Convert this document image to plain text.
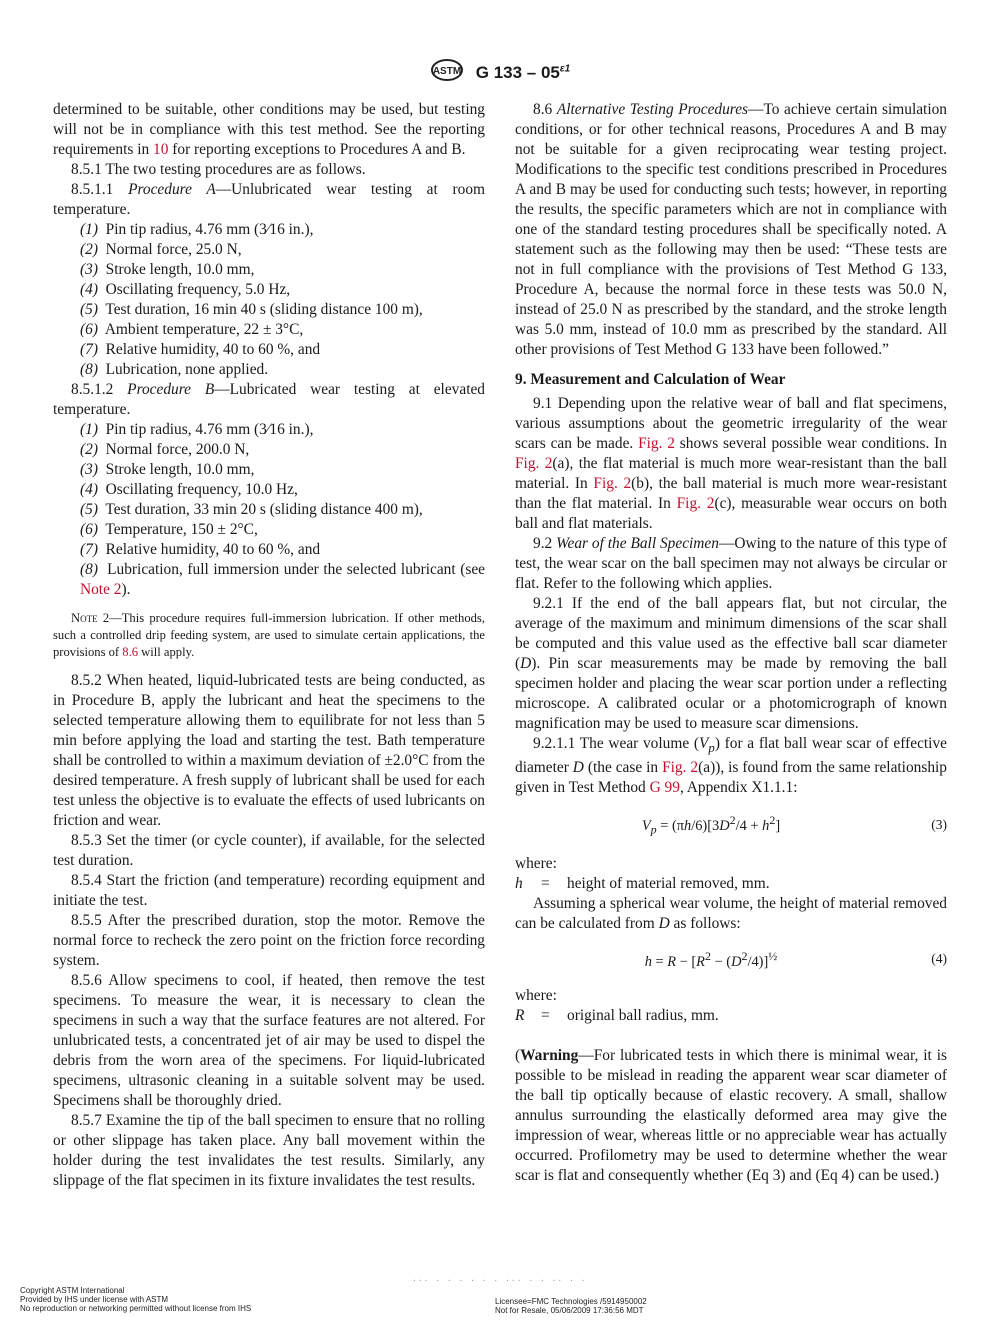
ASTM G $133 - 05^{\varepsilon 1}$

determined to be suitable, other conditions may be used, but testing will not be in compliance with this test method. See the reporting requirements in 10 for reporting exceptions to Procedures A and B.

8.5.1 The two testing procedures are as follows.

8.5.1.1 Procedure A—Unlubricated wear testing at room temperature.

(1) Pin tip radius, 4.76 mm (3⁄16 in.),

(2) Normal force, 25.0 N,

(3) Stroke length, 10.0 mm,

(4) Oscillating frequency, 5.0 Hz,

(5) Test duration, 16 min 40 s (sliding distance 100 m),

(6) Ambient temperature, 22 ± 3°C,

(7) Relative humidity, 40 to 60 %, and

(8) Lubrication, none applied.

8.5.1.2 Procedure B—Lubricated wear testing at elevated temperature.

(1) Pin tip radius, 4.76 mm (3⁄16 in.),

(2) Normal force, 200.0 N,

(3) Stroke length, 10.0 mm,

(4) Oscillating frequency, 10.0 Hz,

(5) Test duration, 33 min 20 s (sliding distance 400 m),

(6) Temperature, 150 ± 2°C,

(7) Relative humidity, 40 to 60 %, and

(8) Lubrication, full immersion under the selected lubricant (see Note 2).

Note 2—This procedure requires full-immersion lubrication. If other methods, such a controlled drip feeding system, are used to simulate certain applications, the provisions of 8.6 will apply.

8.5.2 When heated, liquid-lubricated tests are being conducted, as in Procedure B, apply the lubricant and heat the specimens to the selected temperature allowing them to equilibrate for not less than 5 min before applying the load and starting the test. Bath temperature shall be controlled to within a maximum deviation of ±2.0°C from the desired temperature. A fresh supply of lubricant shall be used for each test unless the objective is to evaluate the effects of used lubricants on friction and wear.

8.5.3 Set the timer (or cycle counter), if available, for the selected test duration.

8.5.4 Start the friction (and temperature) recording equipment and initiate the test.

8.5.5 After the prescribed duration, stop the motor. Remove the normal force to recheck the zero point on the friction force recording system.

8.5.6 Allow specimens to cool, if heated, then remove the test specimens. To measure the wear, it is necessary to clean the specimens in such a way that the surface features are not altered. For unlubricated tests, a concentrated jet of air may be used to dispel the debris from the worn area of the specimens. For liquid-lubricated specimens, ultrasonic cleaning in a suitable solvent may be used. Specimens shall be thoroughly dried.

8.5.7 Examine the tip of the ball specimen to ensure that no rolling or other slippage has taken place. Any ball movement within the holder during the test invalidates the test results. Similarly, any slippage of the flat specimen in its fixture invalidates the test results.

8.6 Alternative Testing Procedures—To achieve certain simulation conditions, or for other technical reasons, Procedures A and B may not be suitable for a given reciprocating wear testing project. Modifications to the specific test conditions prescribed in Procedures A and B may be used for conducting such tests; however, in reporting the results, the specific parameters which are not in compliance with one of the standard testing procedures shall be specifically noted. A statement such as the following may then be used: “These tests are not in full compliance with the provisions of Test Method G 133, Procedure A, because the normal force in these tests was 50.0 N, instead of 25.0 N as prescribed by the standard, and the stroke length was 5.0 mm, instead of 10.0 mm as prescribed by the standard. All other provisions of Test Method G 133 have been followed.”

9. Measurement and Calculation of Wear

9.1 Depending upon the relative wear of ball and flat specimens, various assumptions about the geometric irregularity of the wear scars can be made. Fig. 2 shows several possible wear conditions. In Fig. 2(a), the flat material is much more wear-resistant than the ball material. In Fig. 2(b), the ball material is much more wear-resistant than the flat material. In Fig. 2(c), measurable wear occurs on both ball and flat materials.

9.2 Wear of the Ball Specimen—Owing to the nature of this type of test, the wear scar on the ball specimen may not always be circular or flat. Refer to the following which applies.

9.2.1 If the end of the ball appears flat, but not circular, the average of the maximum and minimum dimensions of the scar shall be computed and this value used as the effective ball scar diameter (D). Pin scar measurements may be made by removing the ball specimen holder and placing the wear scar portion under a reflecting microscope. A calibrated ocular or a photomicrograph of known magnification may be used to measure scar dimensions.

9.2.1.1 The wear volume $(V_p)$ for a flat ball wear scar of effective diameter D (the case in Fig. 2(a)), is found from the same relationship given in Test Method G 99, Appendix X1.1.1:

$V_p = (\pi h/6)[3D^2/4 + h^2]$	(3)

where:

h	=	height of material removed, mm.

Assuming a spherical wear volume, the height of material removed can be calculated from D as follows:

$h = R - [R^2 - (D^2/4)]^{\frac{1}{2}}$	(4)

where:

R	=	original ball radius, mm.

(Warning—For lubricated tests in which there is minimal wear, it is possible to be mislead in reading the apparent wear scar diameter of the ball tip optically because of elastic recovery. A small, shallow annulus surrounding the elastically deformed area may give the impression of wear, whereas little or no appreciable wear has actually occurred. Profilometry may be used to determine whether the wear scar is flat and consequently whether (Eq 3) and (Eq 4) can be used.)

··· · · · · · · ··· · · ·· · ·
Copyright ASTM International
Provided by IHS under license with ASTM
No reproduction or networking permitted without license from IHS
Licensee=FMC Technologies /5914950002
Not for Resale, 05/06/2009 17:36:56 MDT
